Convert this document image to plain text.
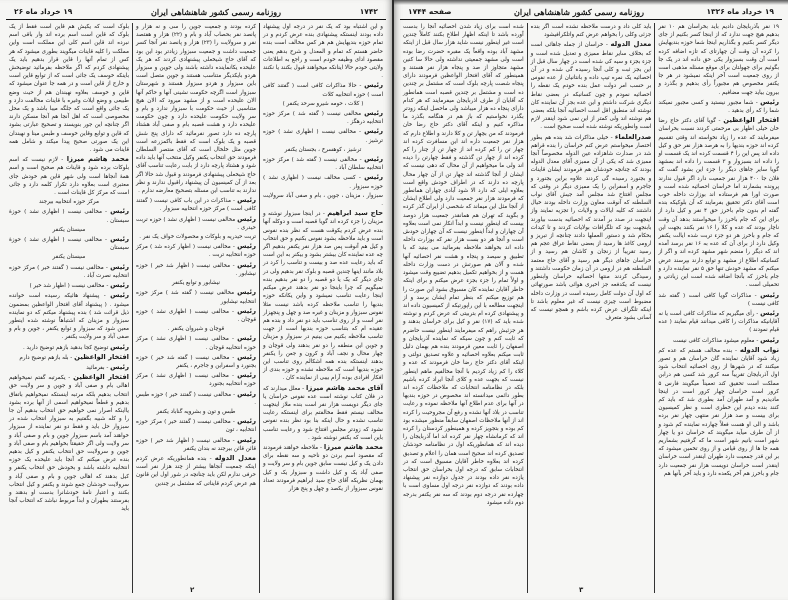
۱۷۴۲
روزنامه رسمی کشور شاهنشاهی ایران
۱۹ خرداد ماه ۲۶
و این اشتباه بود که یک نفر در درجه اول پیشنهاد داده بودند اینستکه پیشنهادی بنده عرض کردم و در تمام حوزه بندیهایش هم هر کس مخالف است بنده حاضر هستم که تمام و المعدل و شرح بدهم یعنی مقصود ادای وظیفه خودم است و راجع به اطلاعات ولایتی خودم حالا اینانکه میخواهند قبول بکنند یا نکنند .
رئیس - حالا مذاکرات کافی است ( گفتند کافی است ) حوزه انتخابیه کلات
( کلات ، حومه شیرو سرحد یکنفر )
رئیس مخالفی نیست ( گفته شد ) مرکز حوزه انتخابیه درهگز .
رئیس - مخالفی نیست ( اظهاری نشد ) حوزه ترشیز .
ترشیز ، کوهسرخ ، بجستان یکنفر
رئیس - مخالفی نیست ( گفته شد ) مرکز حوزه انتخابیه سلطان آباد .
رئیس - کسی مخالف نیست ( اظهاری نشد ) حوزه سبزوار .
سبزوار ، مزینان ، جوین ، بام و صفی آباد سرولایت .
حاج سید ابراهیم - در اینجا سبزوار نوشته و مزینان را جزء کرده اند گویا قصبه است و دوکله آنها بنده عرض کردم یکوقت هست که نظر بنده نفوس است و باید ملاحظه بشود نفوس بکنیم و حق انتخاب و کیل هم آنوقت پس صد هزار نفر یکنفر بدهیم اگر چه عده نماینده کان بیشتر بشود و بیکنر به این است که باید رعایت عده صد و بیست و تناسب را کرد در بلاد مانند اینها چندین قصبه و بلوک نفر بدهیم ولی در جای دیگر که یک یا دو قصبه را دو نفر بدهیم بنده نمیگویم که چرا باینجا دو نفر بدهند عرض میکنم اینجا رعایت تناسب نمیشود و واین یکانکه حوزه بندیها را تناسب ملاحظه کرده باشد نیست مثلا نفوس سبزوار و مزینان و غیره صد و چهل و پنجهزار نفر است و از روی تناسب باید دو نفر داد و بنده هم عقیده ام که بتناسب حوزه بندیها است از جهت تناسب ملاحظه بکنیم می بینیم در سبزوار و مزینان و جوین این منطقه را دو نفر بدهند ولی قوچان و چهار محال و نجف آباد و کرون و جعن را یکنفر بدهند اینستکه بنده همه اشکالم روی تناسب این حوزه بندیها است که ملاحظه نشده و حوزه بندی از افکار افرادی بوده آرام بیبی از نماینده کان .
آقای محمد هاشم میرزا - معلل میدارند که در فلان کتاب نوشته است عده نفوس خراسان یا جای دیگر دویست هزار نفر است بنده ملاز اینجهت مخالف نیستم فقط مخالفتم برای اینستکه رعایت تناسب نشده و حال اینکه بنا بود نظر بنده نفوس نشود که زودتر مجلس افتتاح شود و رعایت تناسب باین است که یکنفر نوشته شود .
محمد هاشم میرزا - ملاحظه خواهند فرمودند که مقصود اسم بردن دو ناحیه و سه نقطه برای دادن یک و کیل نیست سابق جوین بام و سر ولایت و صفی آباد یک و کیل داشت و سبزوار یک و کیل بهمان نظریکه آقای حاج سید ابراهیم فرمودند تعداد نفوس سبزوار از یکصد و چهل و پنج هزار
کرده بودند و جمعیت جوین را سی و نه هزار و پانصد نفر بحصاب آباد و بام و (۲۲) هزار و هفتصد نفر و سرولایت را (۲۳) هزار و پانصد نفر آنجا کسر جمعیت داشت و جمعیت سبزوار زیادتر بود این بود که آقای حاج شیخعلی پیشنهادی کردند که هر یک علیحده یکانماینده داشته باشند ولی جوین و سبزوار هردو بایکدیگر متناسب هستند و جوین متصل است باین سبزوار و هردو سبزوار هستند و شهرستان سبزوار است اگرچه حکومت نشینی آنها و حاکم آنها الان علیحده است و از مشهد میرود که الان هیچ متناسبی از حیث حکومت با سبزوار ندارد و بام و سر ولایت حکومت علیحده دارد و چون حکومت علیحده دارد و هشت قصبه بام و صفی آباد هشتاد پارچه ده دارد تصور نفرمائید که دارای پنج شش قصبه و یک بلوک است که فقط باکمزرعه است جوین مثل خلخال است که آقای منتصر السلطان فرمودند حق انتخاب یکنفر وکیل منتخب آنها باید داده شود و هشتاد پارچه دارد از بابت رعایت تناسب آقای حاج شیخعلی پیشنهادی فرمودند و قبول شد حالا اگر بعد از آن کمیسیون آن پیشنهاد راقبول ندارند و نظر ندارند به تناسب این مسئله بتصحیح معارضه ندارم .
رئیس - مذاکرات در این باب کافی نیست ( گفتند کافی است ) مرکز حوزه انتخابیه سبزوار .
رئیس مخالفی نیست ( اظهاری نشد ) حوزه تربت حیدری .
تربت حیدریه و بلوکات و محصولات خواف یک نفر .
رئیس - مخالفی نیست ( اظهار کرده شد ) مرکز حوزه انتخابیه تربت .
رئیس - مخالفی نیست ( اظهار شد خیر ) حوزه نیشابور .
نیشابور و توابع یکنفر
رئیس مخالفی نیست ( گفته شد ) مرکز حوزه انتخابیه نیشابور
رئیس - مخالفی نیست ( اظهاری نشد ) حوزه قوچان .
قوچان و شیروان یکنفر .
رئیس - مخالفی نیست ( اظهاری نشد ) مرکز حوزه انتخابیه قوچان .
رئیس - مخالفی نیست ( گفته شد خیر ) حوزه بجنورد و اسفراین و جاجرم ، یکنفر
رئیس - مخالفی نیست ( اظهاری نشد ) مرکز حوزه انتخابیه بجنورد
رئیس - مخالفی نیست ( گفتند خیر ) حوزه طبس .
طبس و تون و بشرویه گناباد یکنفر
رئیس - مخالفی نیست ( گفتند خیر ) مرکز حوزه انتخابیه ، تون
رئیس - مخالفی نیست ( اظهار شد خیر ) حوزه قائن قائن بیرجند نه بندان یکنفر
معدل الدوله - بنده همانطوریکه عرض کردم اینکه جمعیت آنجاها بیشتر از چند هزار نفر است حرفی ندارم لکن باید چنانچه در شور اول این قانون هم عرض کردم قایناتی که مشتمل بر چندین
بلوک است که یکیش هم قاین است فقط از یک بلوک که قاین است اسم برده اند وار باقی اسم نبرده اند قاین اسم کلی این مملکت است واین مملکت را کلیه قاینات میگویند بطوری میشود که هر کس از تمام آنها را قاین قرار بدهیم باید یک پیشنهادی کردم که اگر ملاحظه بفرمائید توضیحش باینکه خوسف یک جائی است که از توابع قاین است و خارج از قاین است و در همه جا عنوان میشود که قاین و خوسف بعلاوه نهبندان هم از حیث وضع طبیعی و وضع ایلات وغیره با قاینات مخالفت دارد و یک جائی واقع است که جلگه میبا باشد و یک محل مخصوصی است که اهل آنجا هم آنجا مسکن دارند اگر چنانچه این جور بنویسند و تصحیح عبارتی بشود که قاین و توابع وقاین خوسف و طبس مینا و نهبندان این یک صورتی صحیح پیدا میکند و شامل همه قاینات می شود .
محمد هاشم میرزا - لازم نیست که اسم بلوکات برده شود و قاینات هم صحیح است و اسم همهٔ آنجاها است ولی شهر قاین هم خودش جای معتبری است بعلاوه دارد تکرار کلمه دارد و جائی است که مرکز کل قاینات است .
مرکز حوزه انتخابیه بیرجند
رئیس - مخالفی نیست ( اظهاری نشد ) حوزهٔ سیستان .
سیستان یکنفر
رئیس - مخالفی نیست ( اظهاری نشد ) حوزهٔ سیستان
سیستان یکنفر
رئیس - مخالفی نیست ( گفتند خیر ) مرکز حوزه انتخابیه نصرت آباد .
رئیس - مخالفی نیست ( اظهار شد خیر )
رئیس - پیشنهاد هائیکه رسیده است خوانده میشود . ( پیشنهاد آقای افتخار الواعظین بمضمون ذیل قرائت شد ) بنده پیشنهاد میکنم که دو نماینده سبزوار و مزینان که اشتباهاً نوشته شده اینطور معین شود که سبزوار و توابع یکنفر ، جوین و بام و صفی آباد و سر ولایت یکنفر .
رئیس توضیح کجا بدهید بازهم توضیح دارید .
افتخار الواعظین - بله بازهم توضیح دارم
رئیس - بفرمائید
افتخار الواعظین - یکمرتبه گفتم نمیخواهیم اهالی بام و صفی آباد و جوین و سر ولایت حق انتخاب بدهیم بلکه مرتبه اینستکه نمیخواهیم باتفاق بدهیم و قطعاً نمیخواهیم اسمی از آنها برده بشود یااینکه اصرار نمی خواهیم حق انتخاب بدهیم آن جا را و کله شبیه بگفتیم به سبزوار انتخاب شده در سبزوار حل باید و فقط دو نفر نماینده از سبزوار خواهند آمد باسم سبزوار جوین و بام و صفی آباد و سر ولایت ولی اگر حقیقتاً بخواهیم بام و صفی آباد و جوین و سرولایت حق انتخاب یکنفر و کیل بدهیم بنده عرض میکنم که آنجا باید علیحده یک حوزه انتخابیه داشته باشد و بخودش حق انتخاب یکنفر و کیل بدهند که اهالی جوین و بام و صفی آباد و سرولایت خودشان جمع شوند و یکنفر و کیل انتخاب بکنند و اعتبار نامهٔ خودشانرا بدست او بدهند و بفرستند بطهران و ابداً مربوط نباشد که انتخاب آنجا باید
۲
۱۹ خرداد ماه ۱۳۲۶
روزنامه رسمی کشور شاهنشاهی ایران
صفحه ۱۷۴۴
۱۹ نفر بآذربایجان دادیم باید بخراسان هم ۱۰ نفر بدهیم هیچ جهت ندارد که از اینجا کسر بکنیم از جای دیگر کسر بکنیم و بگذاریم اینجا شما حوزه بندیهایش را کرده آن وقت آن چهارتای که تازه اضافه کرده است آن وقت بسبزوار یکی حق داده اند در یک جا بگوئیم برای جهولتان برای موقع مسئله مذهبی است از روی جمعیت است آخر اینکه نمیشود در هر جا یکنفر مخصوص هم مجبوراً رأی بدهیم و بگذرد و بیرون بیاید جهت مضافیم .
رئیس - شما مجبور نیستید و کسی مجبور نمیکند شما را که رأی بدهید .
افتخار الواعظین - گویا آقای دکتر حاج رضا خان خیلی اظهار بی مرحمتی کردند نسبت بخراسان میفرمایند که عده را زیاد نخواسته اند وقتی تقسیم کرده اند حوزه بندیها را به هرصد هزار نفر حق و کیل داده اند پس این را ۴ قسمت کرده اند یک قسمت او را داده اند بسبزوار و ۳ قسمت را داده اند بمشهد گویا سایر جاهای دیگر را جزء این بشود گفت که فلان جا ۴۰۰ هزار نفر جمعیت دارد اگر قبول ندارند پرونده بشمارند اما خراسان احصائیه شده است و صورت اورا هم فرستاده اند بوزارت داخله خوب است آقای دکتر تحقیق بفرمایند که آن بلوکیکه بنده گفته ام بدون جام باخرز حق ۴ نفر و کیل دارد از برای این که جام باخرز را میخواستند بدهد آن وقت ناچار بودند که عده و کلا را ۱۶ نفر بکنند بجهت این که جام و باخرز هر دو جزء تربت شده ایالت یکنفر وکیل دارد از برای آن که عده به ۱۶ نفر برسد آمده اند که دیگر را منضم شهر مشهد کرده اند و اگر از کسانیکه اطلاع از مشهد و توابع دارند بپرسند عرض میکنم که مشهد خودش تنها حق ۵ نفر نماینده دارد و جام باخرز که بآنجا اضافه شده است این زیادتی و تحمیلی است .
رئیس - مذاکرات گویا کافی است ( گفته شد کافی نیست )
رئیس - رأی میگیریم که مذاکرات کافی است یا نه آقایانیکه مذاکرات را کافی میدانند قیام نمایند ( عده قیام نمودند )
رئیس - معلوم میشود مذاکرات کافی نیست
نواب الدوله - بنده مخالف هستم که عده کم زیاد شود آقایان نماینده گان خراسان هم و تصور میکنند که در شهرها از روی احصائیه انتخاب شود اول آذربایجان تقریباً سه کرور شد کسی هم درابن مملکت است تحقیق کند تعمیناً میگویند فارس ۵ کرور است خراسان چهار کرور است در اینجا مادیدیم و آمد طهران آمد بطوری شد که باید کم کنند بنده دیدم این خطری است و نظر کمیسیون برای بیست و صد هزار نفر منتهی چهار نفر برده باشد و الی او هست فعلاً چهارده نماینده کم شود و از آن طرف میآید میگویند که خراسان دو یا چهار شهر است بانیم شهر است ما که گرفتیم بشماریم همه جا ها از روی قیاس و از روی تخمین میشود که بر این قدر جمعیت دارد طهران اینقدر است خراسان اینقدر است خراسان دویست هزار نفر جمعیت دارد جام و باخرز هم آخر یکعده دارد و باید آخر بآنها هم
باید کلی داد و درست ملاحظه نشده است اگر بنده جزئی وکلی را بخواهم عرض کنم واتلکرافیشود
معدل الدوله - خراسان از جمله جاهائی است که بخلاف سایر نقاط ممیزی و تعدیل شده است و جزء بجزء و سیه کی شده است در چهار سال قبل از این بجز ثبت و کلی آنجا رسیده گی شده و در آن احصائیه یک نمره تیپ داده و بانتانیان از عده نفوس بر حسب امر دولت عمل بنده خودم یک نقطه را احصائیه نمودم و چون کسانیکه در بعضی نقاط دیگری شرکت داشتم و این عده بجز آن نماینده کان نوشته اند منطبق اقل است احصائیه آنجا بلکه بعضی هم نوشته اند ولی کمتر از این نمی شود اینقدر لازم است وانطوریکه نوشته شده است صحیح است .
صدرالعلماء - خیلی مذاکرات شد بنده هم بطور اختصار میخواستم عرض کنم خراسان را بنده قراهم شد در صدارت شاهزاده عین الدوله مخصوصاً آنجا ممیزی شد که یکی از آن ممیزی آقای معدل الدوله بودند که چنانچه خودشان هم فرمودند ایشان قاینات و بجنورد رسیده گی کردند علاوه براین بجنورد و جاجرم و اسفراین را یک ممیزی دیگر در وقتی که مجلس افتتاح شد مجلس آمد جیش آقای نواب السلطنه که آنوقت معاون وزارت داخله بودند خیال داشتند که کلیه ایالات و ولایات را تجزیه نمایند واز اینجهت در صدد بر آمدند که احصائیه بدست بیاورند بابنجهت بود که تلگرافات بولایات کردند و تا کیدات بحکام شد و دستور العملها دادند چنانچه از تبریز و ارومی کاغذ ها رسید از بعضی نقاط عراق عجم هم رسید تقریباً از زنجان و کاشان هم رسید و از خراسان جاهای دیگر هم رسید و آقای حاج معتمد السلطنه هم در ارومی در آن زمان حکومت داشتند و رسیدگی کردند منتها احصائیه خراسان وابنطور نیست که یکدفعه جز اخیری هوائی باشد صورتهائی که اول آن دولت کامل رسیده است در وزارت داخله مضبوط است چیزی نیست که غیر معلوم باشد تا اینکه تلگراف عرض کرده باشم و همچو نیست که آسانی بشود متعرف
شده است برای زیاد شدن احصائیه آنجا را بدست آورده باشد تا اینکه اظهار اطلاع بکنند کاملاً چندین است غیر اینطور نیست شاید هزار سال قبل از اینکه مشهد آباد بوده واقعاً یک مقبره حضرت رضا بوده است ولی مشهد جمعیتی نداشته ولی حالا سا کنین مشهد متجاوز از صد و پنجاه هزار نفر هستند و همینطور که آقای افتخار الواعظین فرمودند دارای پنجاه شصت پارچه بلوک است که مشتمل بر چندین ده است و مشتمل بر چندین قصبه است همانطور که آقایان از طرف اذربایجان میفرمایند که هر کدام دارای پنجاه ده هزار میباشد ولی ماحصل اینکه زودتر بگذرد نخواستیم که باز هم در هنگامه بگذرد ما مذاکره کنیم و اینکه آقای دکتر حاج رضا خان فرمودند که من بچهار تن و کلا دارند و اطلاع دارم که هزار نفر جمعیت داره اند این مسافرت کرده اند چهار تن را کم کرده اند از چهار تن از چنار را کم کرده اند از چهار تن گذشته و فقط چهارتن را دیده اند ولی ما میخواهیم از آن محال که دهی نیست که ایشان از آنجا گذشته اند چهار تن از آن چهار محال پارچه ده دارند که در اطراف خودش واقع است بعلاوه ایلی که دارد الا شود آبادی چهاران همانطور که فرمودند هزار نفر جمعیت دارد ولی اطلاع ایشان از آنجا مثل این میماند که شخصی از ایران گذر کرده و بگوید که تهران هم همانقدر جمعیت هزار دوصد بیست که اینطور نیست و ابداً انکار نمی است بعلاوه آن چهاران و ابداً اینطور نیست که آن چهاران خودش است و آنجا هر دو بست هزار نفر که بوزارت داخله داده اند بخواهند ملاحظه بفرمائید می بینید که با تطبیق و سیصد و پنجاه و هشت نفر احصائیه آنها شده و آلان هم صورتش در دست وزارت داخله هست و از بخواهیم تکمیل بدهیم تضییع وقت میشود و اولاً تمام را جزء بجزء عرض میکنم و برای اینکه خاطر آقایان نماینده کان مسبوق بشود این صورت را هم توزیع میکنم که بنظر تمام ایشان برسد و از اینجهت مطالعه با این راپورتیکه از کمیسیون داده اند و پیشنهادی کرده ام بتربیتی که عرض کردم و نوشته شده باید که (۱۷) نفر و کیل برای خراسان بدهند و هر جزئیش راهم که میفرمایند اینطور نیست حاضرم که ثابت کنم و چون سیکه که نماینده آذربایجان و اصفهان را ثابت معین فرمودند بنده هم بهمان دلیل ثابت میکنم بعلاوه احصائیه و علاوه تصدیق دولتی و اینکه آقای دکتر حاج رضا خان فرمودند که عده و کلاء را کم زیاد کردیم با آنجا مخالفیم ماهم اینطور نیست که بجهت عده و کلای آنجا ایراد کرده باشیم بلکه در نظامنامه انتخابات که ملاحظات کرده اند بطور دائمی میدانسته اند مخصوص در حوزه بندیها در آنها برای عدم اطلاع آنها ملاحظه نموده و رعایت تناسب در بلاد آنها نشده و رفع آن مجروحیت را کرده اند از آنها ملاحظات اصفهان سابقاً منظور میشده بود کم بوده و بتجویز کرده و همینطور کردستان را کرده اند که کرمانشاه چهار نفر کرده اند اما آذربایجان را دیده اند که همانطوریکه اول در نظامنامه خودشان تصدیق کرده اند صحیح است همان را اعلام و تصدیق کرده اند بعلاوه خاطر آقایان مسبوق است که در انتخابات سابق که درجه اول بخراسان حق انتخاب یازده نفر داده بودند در جدول دوازده نفر پیشنهاد داده بودند که دوازده نفر درجه اول مساوی است با چهارده نفر درجه دوم بودند که سه نفر یکنفر بدرجه دوم داده میشود
۳
